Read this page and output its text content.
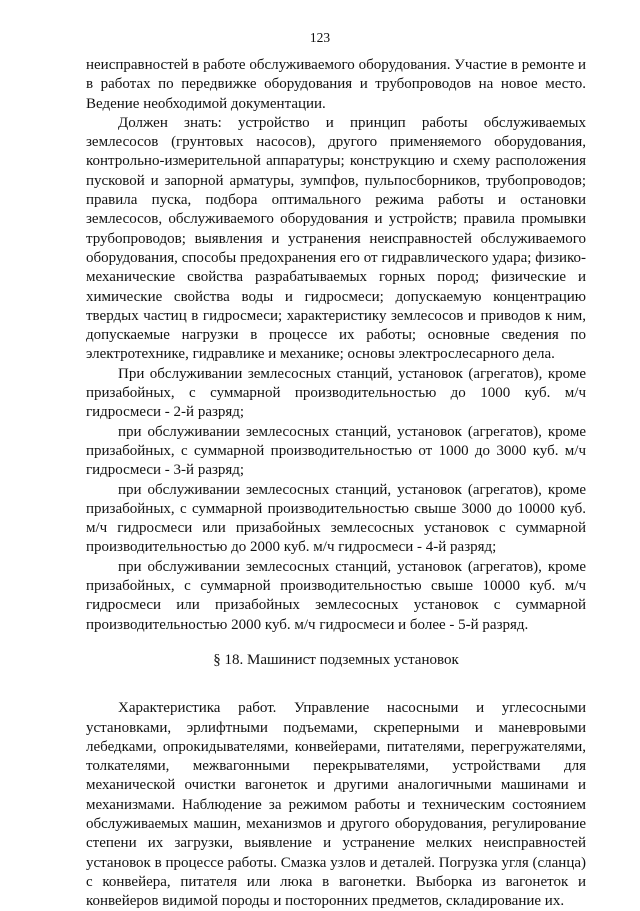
123

неисправностей в работе обслуживаемого оборудования. Участие в ремонте и в работах по передвижке оборудования и трубопроводов на новое место. Ведение необходимой документации.

Должен знать: устройство и принцип работы обслуживаемых землесосов (грунтовых насосов), другого применяемого оборудования, контрольно-измерительной аппаратуры; конструкцию и схему расположения пусковой и запорной арматуры, зумпфов, пульпосборников, трубопроводов; правила пуска, подбора оптимального режима работы и остановки землесосов, обслуживаемого оборудования и устройств; правила промывки трубопроводов; выявления и устранения неисправностей обслуживаемого оборудования, способы предохранения его от гидравлического удара; физико-механические свойства разрабатываемых горных пород; физические и химические свойства воды и гидросмеси; допускаемую концентрацию твердых частиц в гидросмеси; характеристику землесосов и приводов к ним, допускаемые нагрузки в процессе их работы; основные сведения по электротехнике, гидравлике и механике; основы электрослесарного дела.

При обслуживании землесосных станций, установок (агрегатов), кроме призабойных, с суммарной производительностью до 1000 куб. м/ч гидросмеси - 2-й разряд;

при обслуживании землесосных станций, установок (агрегатов), кроме призабойных, с суммарной производительностью от 1000 до 3000 куб. м/ч гидросмеси - 3-й разряд;

при обслуживании землесосных станций, установок (агрегатов), кроме призабойных, с суммарной производительностью свыше 3000 до 10000 куб. м/ч гидросмеси или призабойных землесосных установок с суммарной производительностью до 2000 куб. м/ч гидросмеси - 4-й разряд;

при обслуживании землесосных станций, установок (агрегатов), кроме призабойных, с суммарной производительностью свыше 10000 куб. м/ч гидросмеси или призабойных землесосных установок с суммарной производительностью 2000 куб. м/ч гидросмеси и более - 5-й разряд.

§ 18. Машинист подземных установок

Характеристика работ. Управление насосными и углесосными установками, эрлифтными подъемами, скреперными и маневровыми лебедками, опрокидывателями, конвейерами, питателями, перегружателями, толкателями, межвагонными перекрывателями, устройствами для механической очистки вагонеток и другими аналогичными машинами и механизмами. Наблюдение за режимом работы и техническим состоянием обслуживаемых машин, механизмов и другого оборудования, регулирование степени их загрузки, выявление и устранение мелких неисправностей установок в процессе работы. Смазка узлов и деталей. Погрузка угля (сланца) с конвейера, питателя или люка в вагонетки. Выборка из вагонеток и конвейеров видимой породы и посторонних предметов, складирование их.
